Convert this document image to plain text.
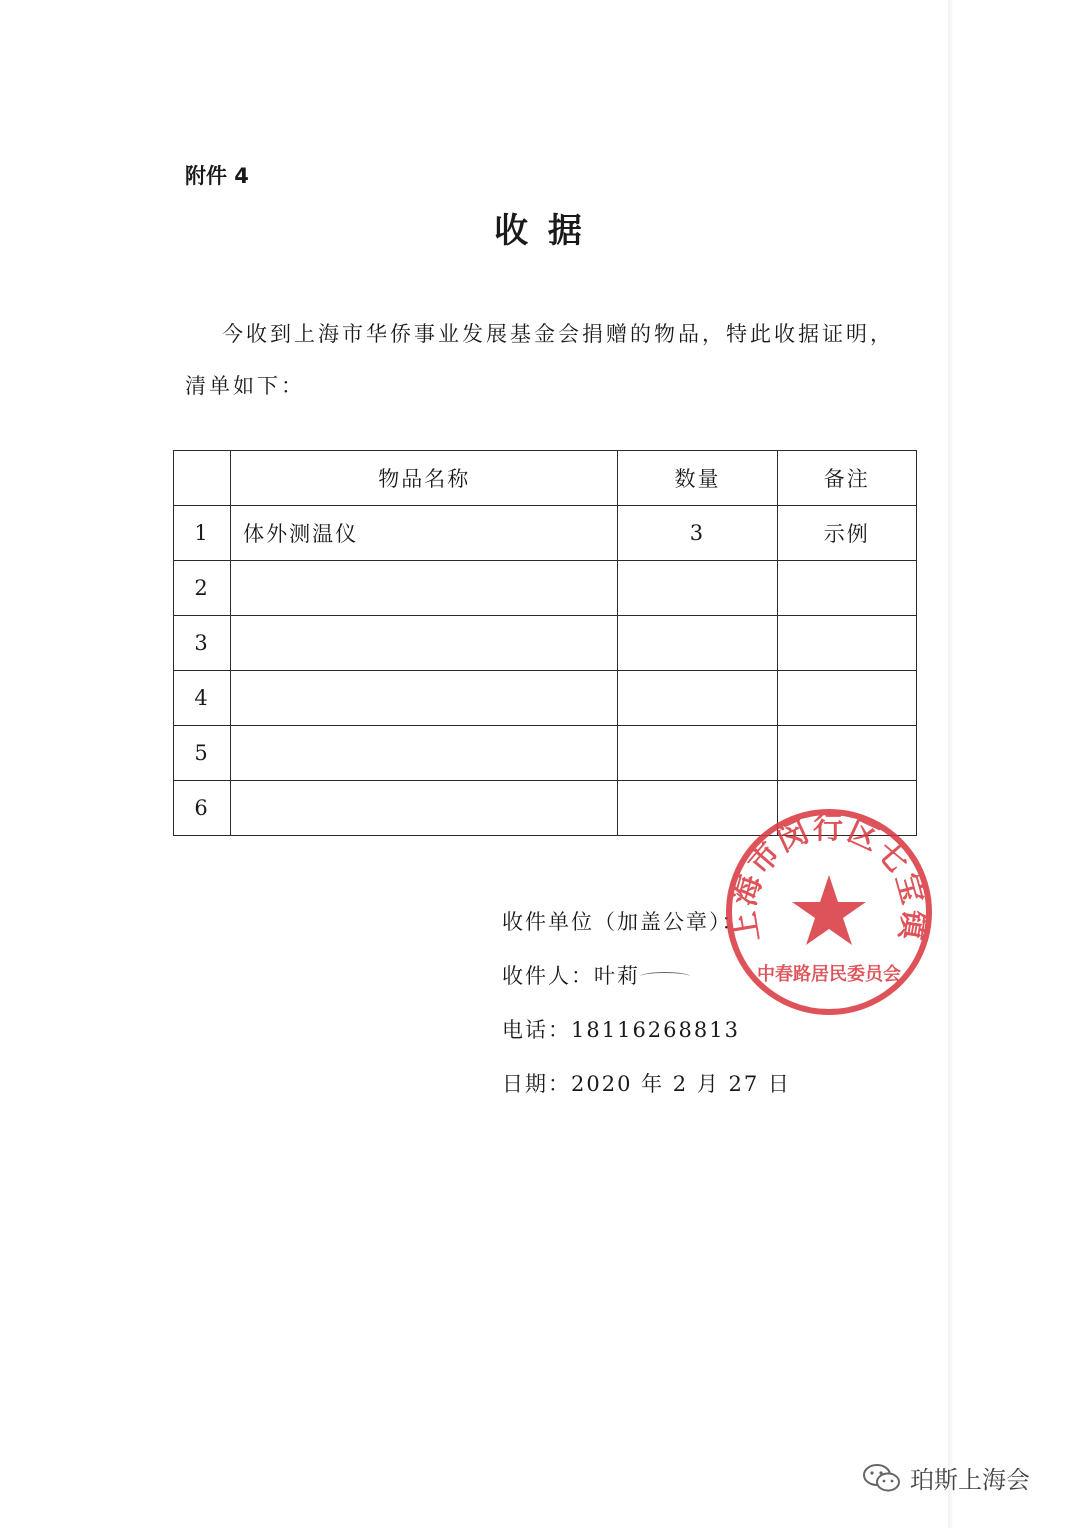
附件 4
收 据
今收到上海市华侨事业发展基金会捐赠的物品，特此收据证明，
清单如下：
	物品名称	数量	备注
1	体外测温仪	3	示例
2			
3			
4			
5			
6			
收件单位（加盖公章）：
收件人：叶莉
电话：18116268813
日期：2020 年 2 月 27 日
上海市闵行区七宝镇
中春路居民委员会
珀斯上海会
